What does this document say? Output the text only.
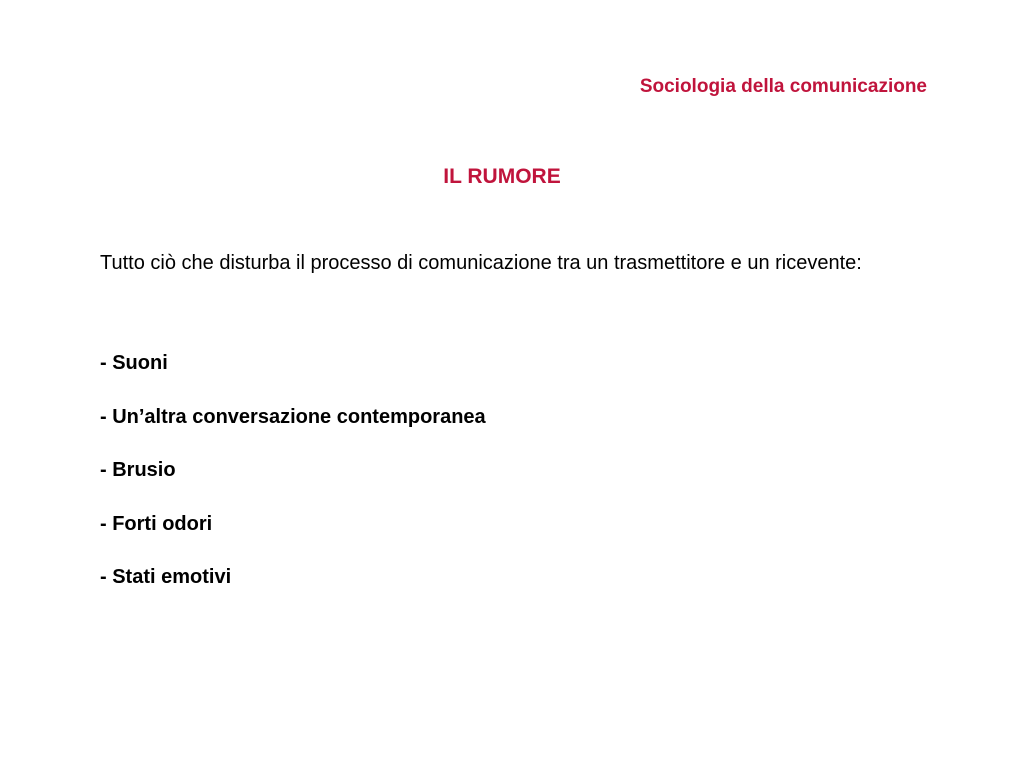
Sociologia della comunicazione
IL RUMORE
Tutto ciò che disturba il processo di comunicazione tra un trasmettitore e un ricevente:
- Suoni
- Un’altra conversazione contemporanea
- Brusio
- Forti odori
- Stati emotivi
